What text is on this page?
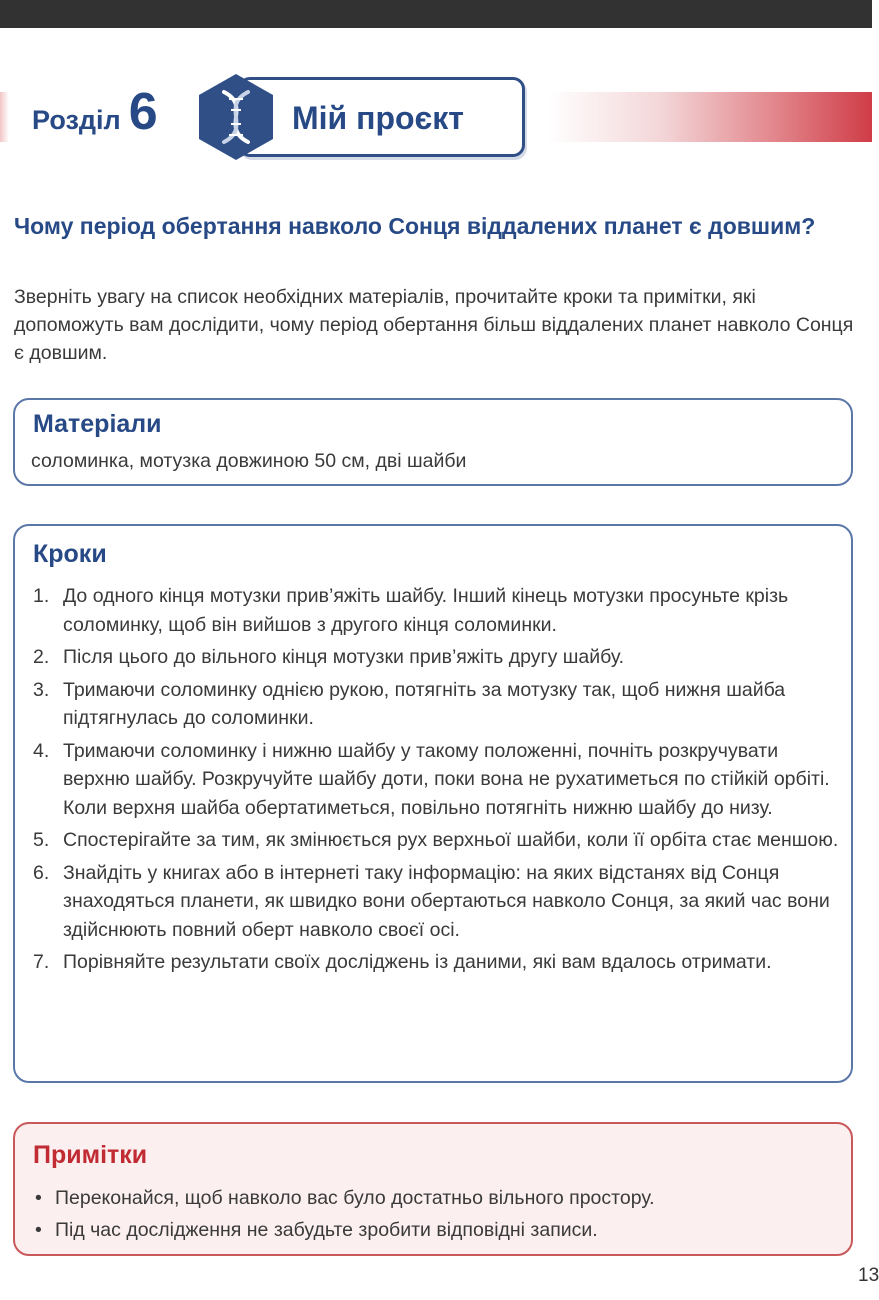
Розділ 6	Мій проєкт
Чому період обертання навколо Сонця віддалених планет є довшим?

Зверніть увагу на список необхідних матеріалів, прочитайте кроки та примітки, які допоможуть вам дослідити, чому період обертання більш віддалених планет навколо Сонця є довшим.

Матеріали
соломинка, мотузка довжиною 50 см, дві шайби
Кроки
1. До одного кінця мотузки прив’яжіть шайбу. Інший кінець мотузки просуньте крізь соломинку, щоб він вийшов з другого кінця соломинки.
2. Після цього до вільного кінця мотузки прив’яжіть другу шайбу.
3. Тримаючи соломинку однією рукою, потягніть за мотузку так, щоб нижня шайба підтягнулась до соломинки.
4. Тримаючи соломинку і нижню шайбу у такому положенні, почніть розкручувати верхню шайбу. Розкручуйте шайбу доти, поки вона не рухатиметься по стійкій орбіті. Коли верхня шайба обертатиметься, повільно потягніть нижню шайбу до низу.
5. Спостерігайте за тим, як змінюється рух верхньої шайби, коли її орбіта стає меншою.
6. Знайдіть у книгах або в інтернеті таку інформацію: на яких відстанях від Сонця знаходяться планети, як швидко вони обертаються навколо Сонця, за який час вони здійснюють повний оберт навколо своєї осі.
7. Порівняйте результати своїх досліджень із даними, які вам вдалось отримати.
Примітки
• Переконайся, щоб навколо вас було достатньо вільного простору.
• Під час дослідження не забудьте зробити відповідні записи.
13
